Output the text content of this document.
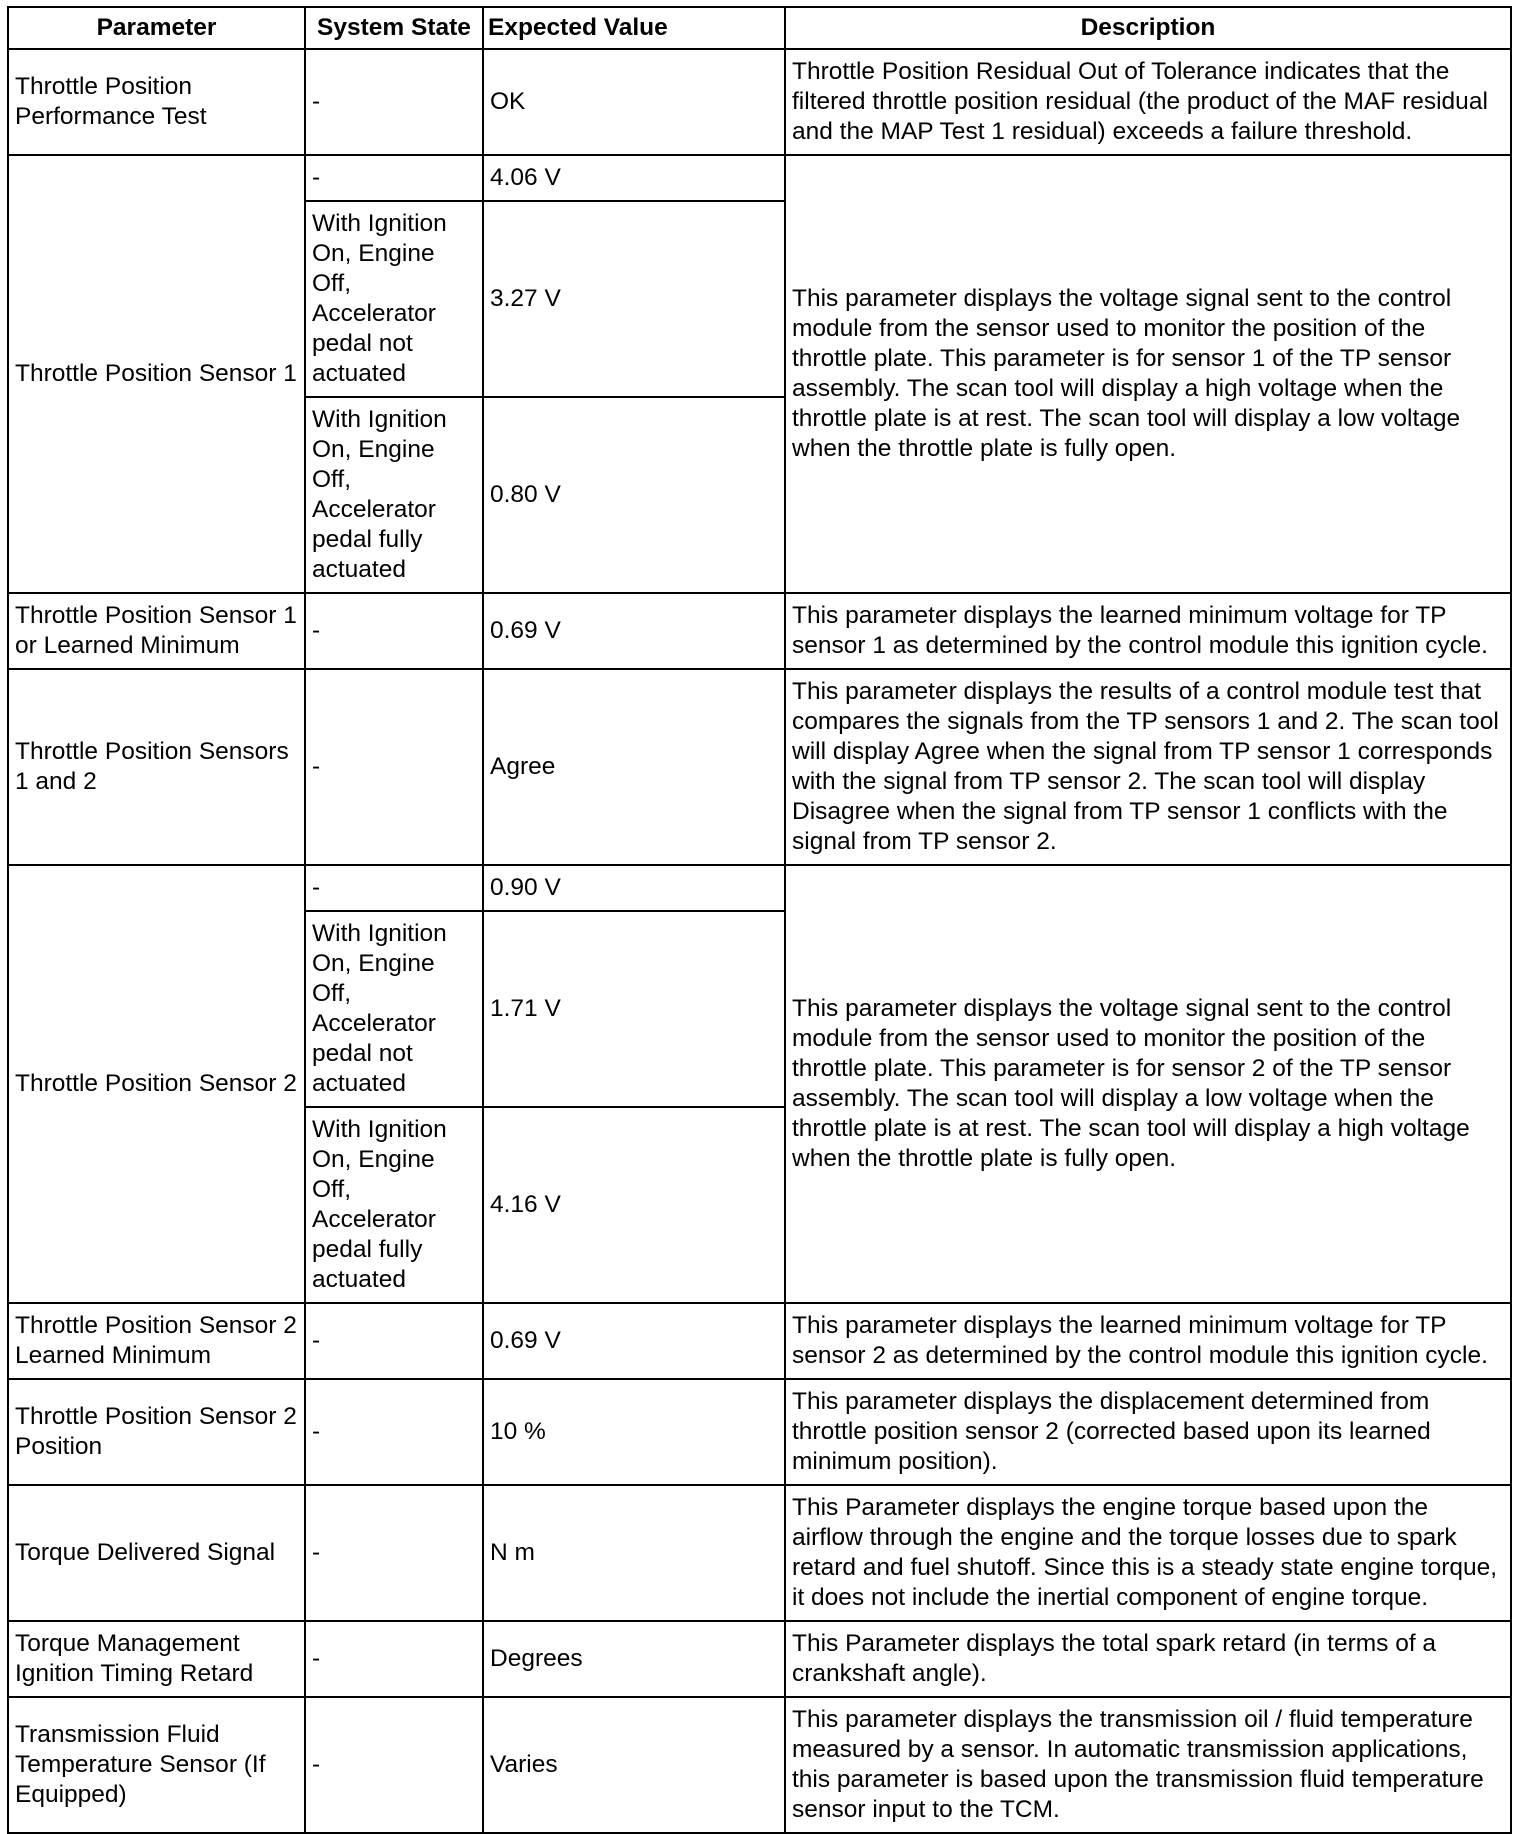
Parameter	System State	Expected Value	Description
Throttle Position Performance Test	-	OK	Throttle Position Residual Out of Tolerance indicates that the filtered throttle position residual (the product of the MAF residual and the MAP Test 1 residual) exceeds a failure threshold.
Throttle Position Sensor 1	-	4.06 V	This parameter displays the voltage signal sent to the control module from the sensor used to monitor the position of the throttle plate. This parameter is for sensor 1 of the TP sensor assembly. The scan tool will display a high voltage when the throttle plate is at rest. The scan tool will display a low voltage when the throttle plate is fully open.
	With Ignition On, Engine Off, Accelerator pedal not actuated	3.27 V	
	With Ignition On, Engine Off, Accelerator pedal fully actuated	0.80 V	
Throttle Position Sensor 1 or Learned Minimum	-	0.69 V	This parameter displays the learned minimum voltage for TP sensor 1 as determined by the control module this ignition cycle.
Throttle Position Sensors 1 and 2	-	Agree	This parameter displays the results of a control module test that compares the signals from the TP sensors 1 and 2. The scan tool will display Agree when the signal from TP sensor 1 corresponds with the signal from TP sensor 2. The scan tool will display Disagree when the signal from TP sensor 1 conflicts with the signal from TP sensor 2.
Throttle Position Sensor 2	-	0.90 V	This parameter displays the voltage signal sent to the control module from the sensor used to monitor the position of the throttle plate. This parameter is for sensor 2 of the TP sensor assembly. The scan tool will display a low voltage when the throttle plate is at rest. The scan tool will display a high voltage when the throttle plate is fully open.
	With Ignition On, Engine Off, Accelerator pedal not actuated	1.71 V	
	With Ignition On, Engine Off, Accelerator pedal fully actuated	4.16 V	
Throttle Position Sensor 2 Learned Minimum	-	0.69 V	This parameter displays the learned minimum voltage for TP sensor 2 as determined by the control module this ignition cycle.
Throttle Position Sensor 2 Position	-	10 %	This parameter displays the displacement determined from throttle position sensor 2 (corrected based upon its learned minimum position).
Torque Delivered Signal	-	N m	This Parameter displays the engine torque based upon the airflow through the engine and the torque losses due to spark retard and fuel shutoff. Since this is a steady state engine torque, it does not include the inertial component of engine torque.
Torque Management Ignition Timing Retard	-	Degrees	This Parameter displays the total spark retard (in terms of a crankshaft angle).
Transmission Fluid Temperature Sensor (If Equipped)	-	Varies	This parameter displays the transmission oil / fluid temperature measured by a sensor. In automatic transmission applications, this parameter is based upon the transmission fluid temperature sensor input to the TCM.
